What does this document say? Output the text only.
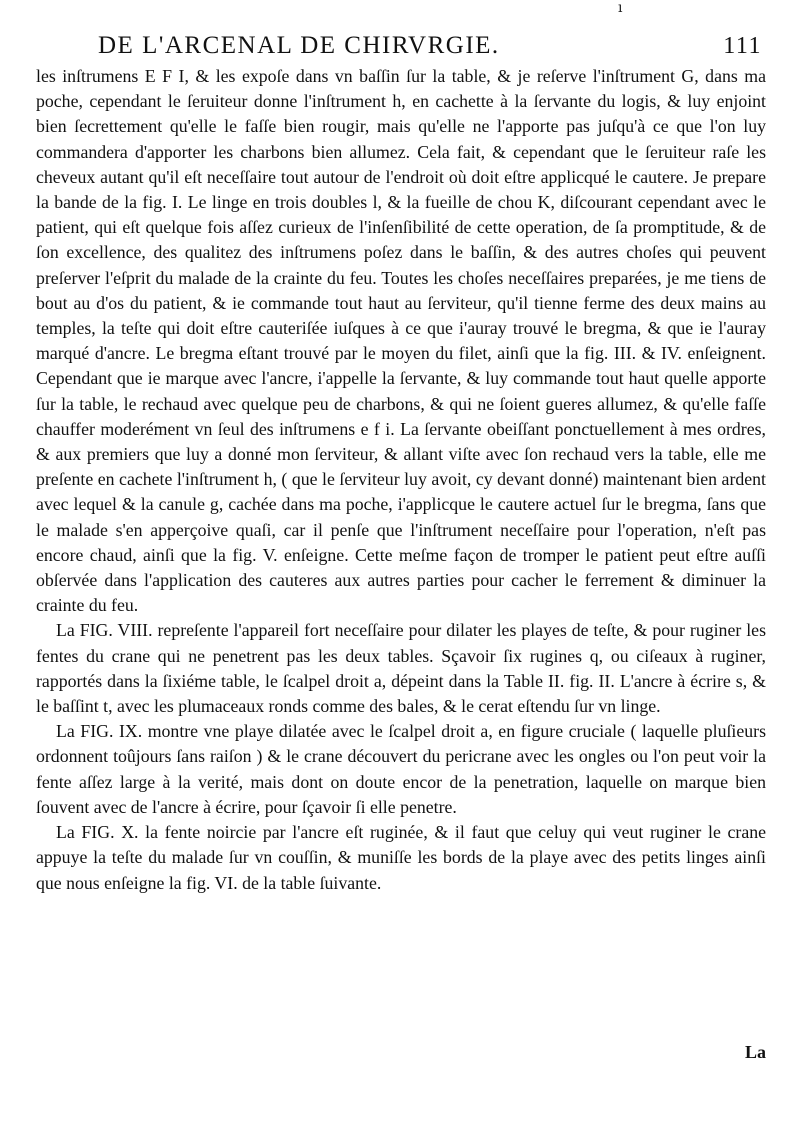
ı
DE L'ARCENAL DE CHIRVRGIE.	111

les inſtrumens E F I, & les expoſe dans vn baſſin ſur la table, & je reſerve l'inſtrument G, dans ma poche, cependant le ſeruiteur donne l'inſtrument h, en cachette à la ſervante du logis, & luy enjoint bien ſecrettement qu'elle le faſſe bien rougir, mais qu'elle ne l'apporte pas juſqu'à ce que l'on luy commandera d'apporter les charbons bien allumez. Cela fait, & cependant que le ſeruiteur raſe les cheveux autant qu'il eſt neceſſaire tout autour de l'endroit où doit eſtre applicqué le cautere. Je prepare la bande de la fig. I. Le linge en trois doubles l, & la fueille de chou K, diſcourant cependant avec le patient, qui eſt quelque fois aſſez curieux de l'inſenſibilité de cette operation, de ſa promptitude, & de ſon excellence, des qualitez des inſtrumens poſez dans le baſſin, & des autres choſes qui peuvent preſerver l'eſprit du malade de la crainte du feu. Toutes les choſes neceſſaires preparées, je me tiens de bout au d'os du patient, & ie commande tout haut au ſerviteur, qu'il tienne ferme des deux mains au temples, la teſte qui doit eſtre cauteriſée iuſques à ce que i'auray trouvé le bregma, & que ie l'auray marqué d'ancre. Le bregma eſtant trouvé par le moyen du filet, ainſi que la fig. III. & IV. enſeignent. Cependant que ie marque avec l'ancre, i'appelle la ſervante, & luy commande tout haut quelle apporte ſur la table, le rechaud avec quelque peu de charbons, & qui ne ſoient gueres allumez, & qu'elle faſſe chauffer moderément vn ſeul des inſtrumens e f i. La ſervante obeiſſant ponctuellement à mes ordres, & aux premiers que luy a donné mon ſerviteur, & allant viſte avec ſon rechaud vers la table, elle me preſente en cachete l'inſtrument h, ( que le ſerviteur luy avoit, cy devant donné) maintenant bien ardent avec lequel & la canule g, cachée dans ma poche, i'applicque le cautere actuel ſur le bregma, ſans que le malade s'en apperçoive quaſi, car il penſe que l'inſtrument neceſſaire pour l'operation, n'eſt pas encore chaud, ainſi que la fig. V. enſeigne. Cette meſme façon de tromper le patient peut eſtre auſſi obſervée dans l'application des cauteres aux autres parties pour cacher le ferrement & diminuer la crainte du feu.

La FIG. VIII. repreſente l'appareil fort neceſſaire pour dilater les playes de teſte, & pour ruginer les fentes du crane qui ne penetrent pas les deux tables. Sçavoir ſix rugines q, ou ciſeaux à ruginer, rapportés dans la ſixiéme table, le ſcalpel droit a, dépeint dans la Table II. fig. II. L'ancre à écrire s, & le baſſint t, avec les plumaceaux ronds comme des bales, & le cerat eſtendu ſur vn linge.

La FIG. IX. montre vne playe dilatée avec le ſcalpel droit a, en figure cruciale ( laquelle pluſieurs ordonnent toûjours ſans raiſon ) & le crane découvert du pericrane avec les ongles ou l'on peut voir la fente aſſez large à la verité, mais dont on doute encor de la penetration, laquelle on marque bien ſouvent avec de l'ancre à écrire, pour ſçavoir ſi elle penetre.

La FIG. X. la fente noircie par l'ancre eſt ruginée, & il faut que celuy qui veut ruginer le crane appuye la teſte du malade ſur vn couſſin, & muniſſe les bords de la playe avec des petits linges ainſi que nous enſeigne la fig. VI. de la table ſuivante.

La
